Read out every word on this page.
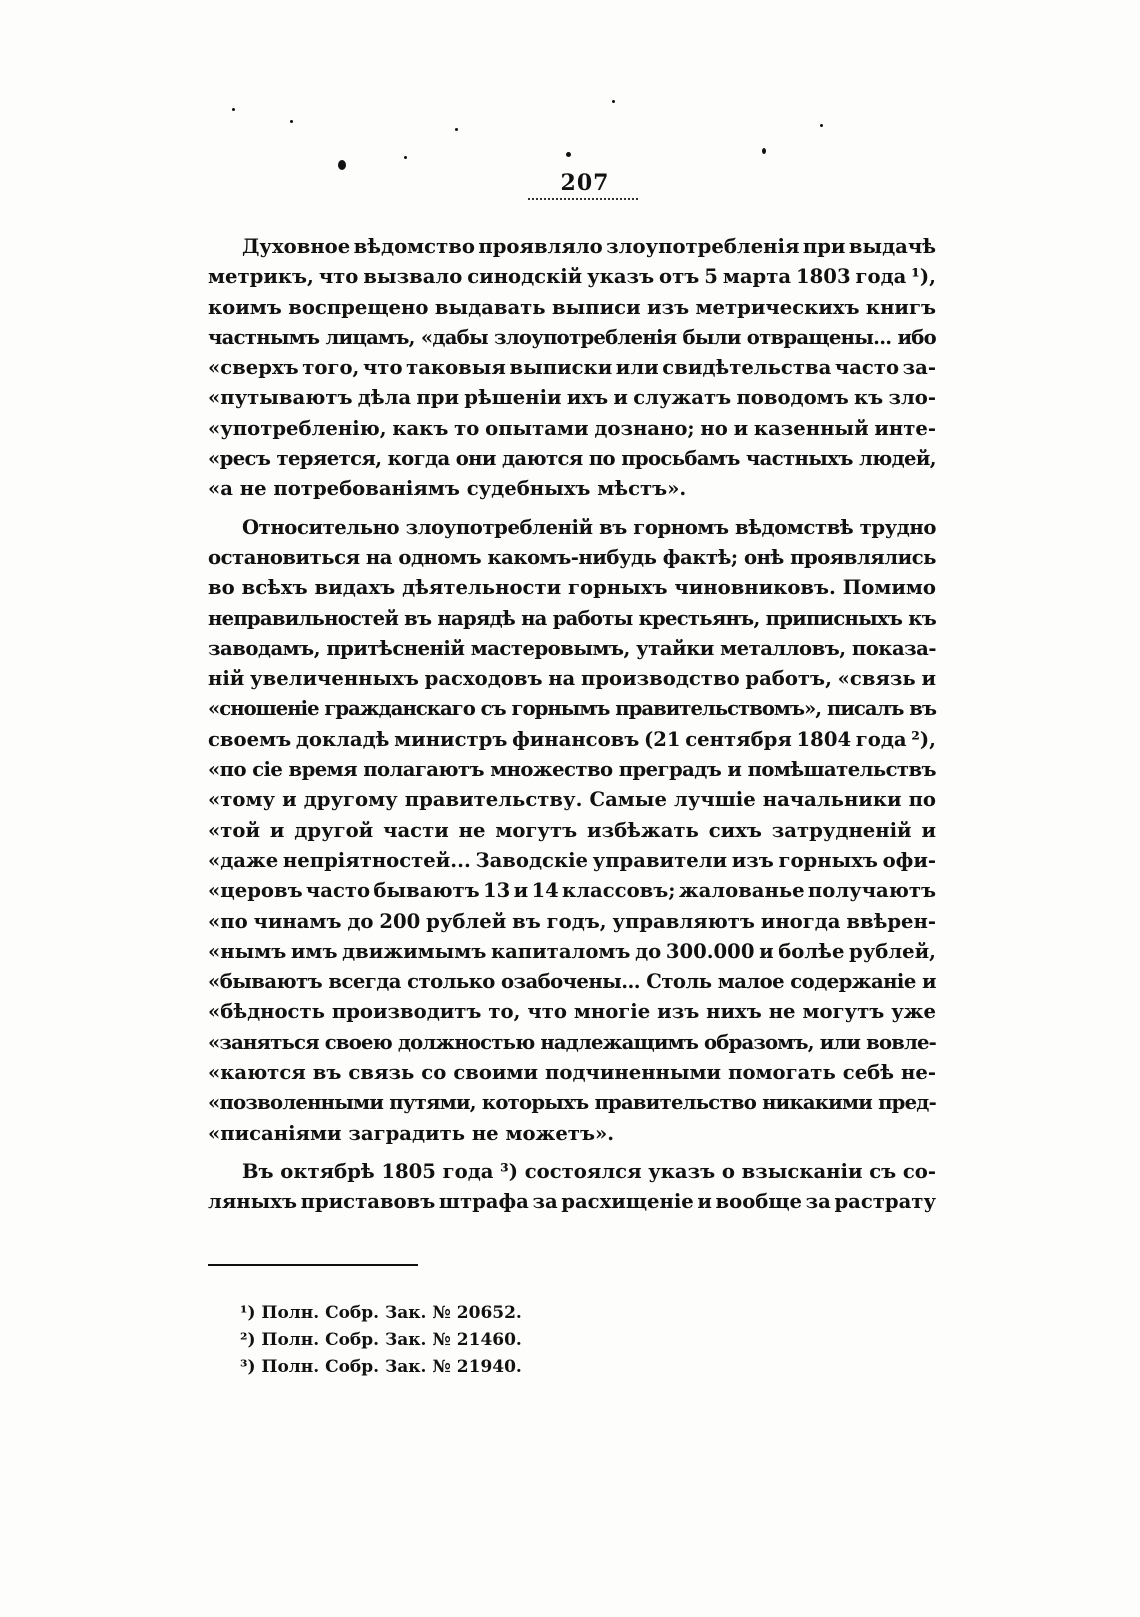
207
Духовное вѣдомство проявляло злоупотребленія при выдачѣ
метрикъ, что вызвало синодскій указъ отъ 5 марта 1803 года ¹),
коимъ воспрещено выдавать выписи изъ метрическихъ книгъ
частнымъ лицамъ, «дабы злоупотребленія были отвращены... ибо
«сверхъ того, что таковыя выписки или свидѣтельства часто за-
«путываютъ дѣла при рѣшеніи ихъ и служатъ поводомъ къ зло-
«употребленію, какъ то опытами дознано; но и казенный инте-
«ресъ теряется, когда они даются по просьбамъ частныхъ людей,
«а не потребованіямъ судебныхъ мѣстъ».
Относительно злоупотребленій въ горномъ вѣдомствѣ трудно
остановиться на одномъ какомъ-нибудь фактѣ; онѣ проявлялись
во всѣхъ видахъ дѣятельности горныхъ чиновниковъ. Помимо
неправильностей въ нарядѣ на работы крестьянъ, приписныхъ къ
заводамъ, притѣсненій мастеровымъ, утайки металловъ, показа-
ній увеличенныхъ расходовъ на производство работъ, «связь и
«сношеніе гражданскаго съ горнымъ правительствомъ», писалъ въ
своемъ докладѣ министръ финансовъ (21 сентября 1804 года ²),
«по сіе время полагаютъ множество преградъ и помѣшательствъ
«тому и другому правительству. Самые лучшіе начальники по
«той и другой части не могутъ избѣжать сихъ затрудненій и
«даже непріятностей... Заводскіе управители изъ горныхъ офи-
«церовъ часто бываютъ 13 и 14 классовъ; жалованье получаютъ
«по чинамъ до 200 рублей въ годъ, управляютъ иногда ввѣрен-
«нымъ имъ движимымъ капиталомъ до 300.000 и болѣе рублей,
«бываютъ всегда столько озабочены... Столь малое содержаніе и
«бѣдность производитъ то, что многіе изъ нихъ не могутъ уже
«заняться своею должностью надлежащимъ образомъ, или вовле-
«каются въ связь со своими подчиненными помогать себѣ не-
«позволенными путями, которыхъ правительство никакими пред-
«писаніями заградить не можетъ».
Въ октябрѣ 1805 года ³) состоялся указъ о взысканіи съ со-
ляныхъ приставовъ штрафа за расхищеніе и вообще за растрату
¹) Полн. Собр. Зак. № 20652.
²) Полн. Собр. Зак. № 21460.
³) Полн. Собр. Зак. № 21940.
